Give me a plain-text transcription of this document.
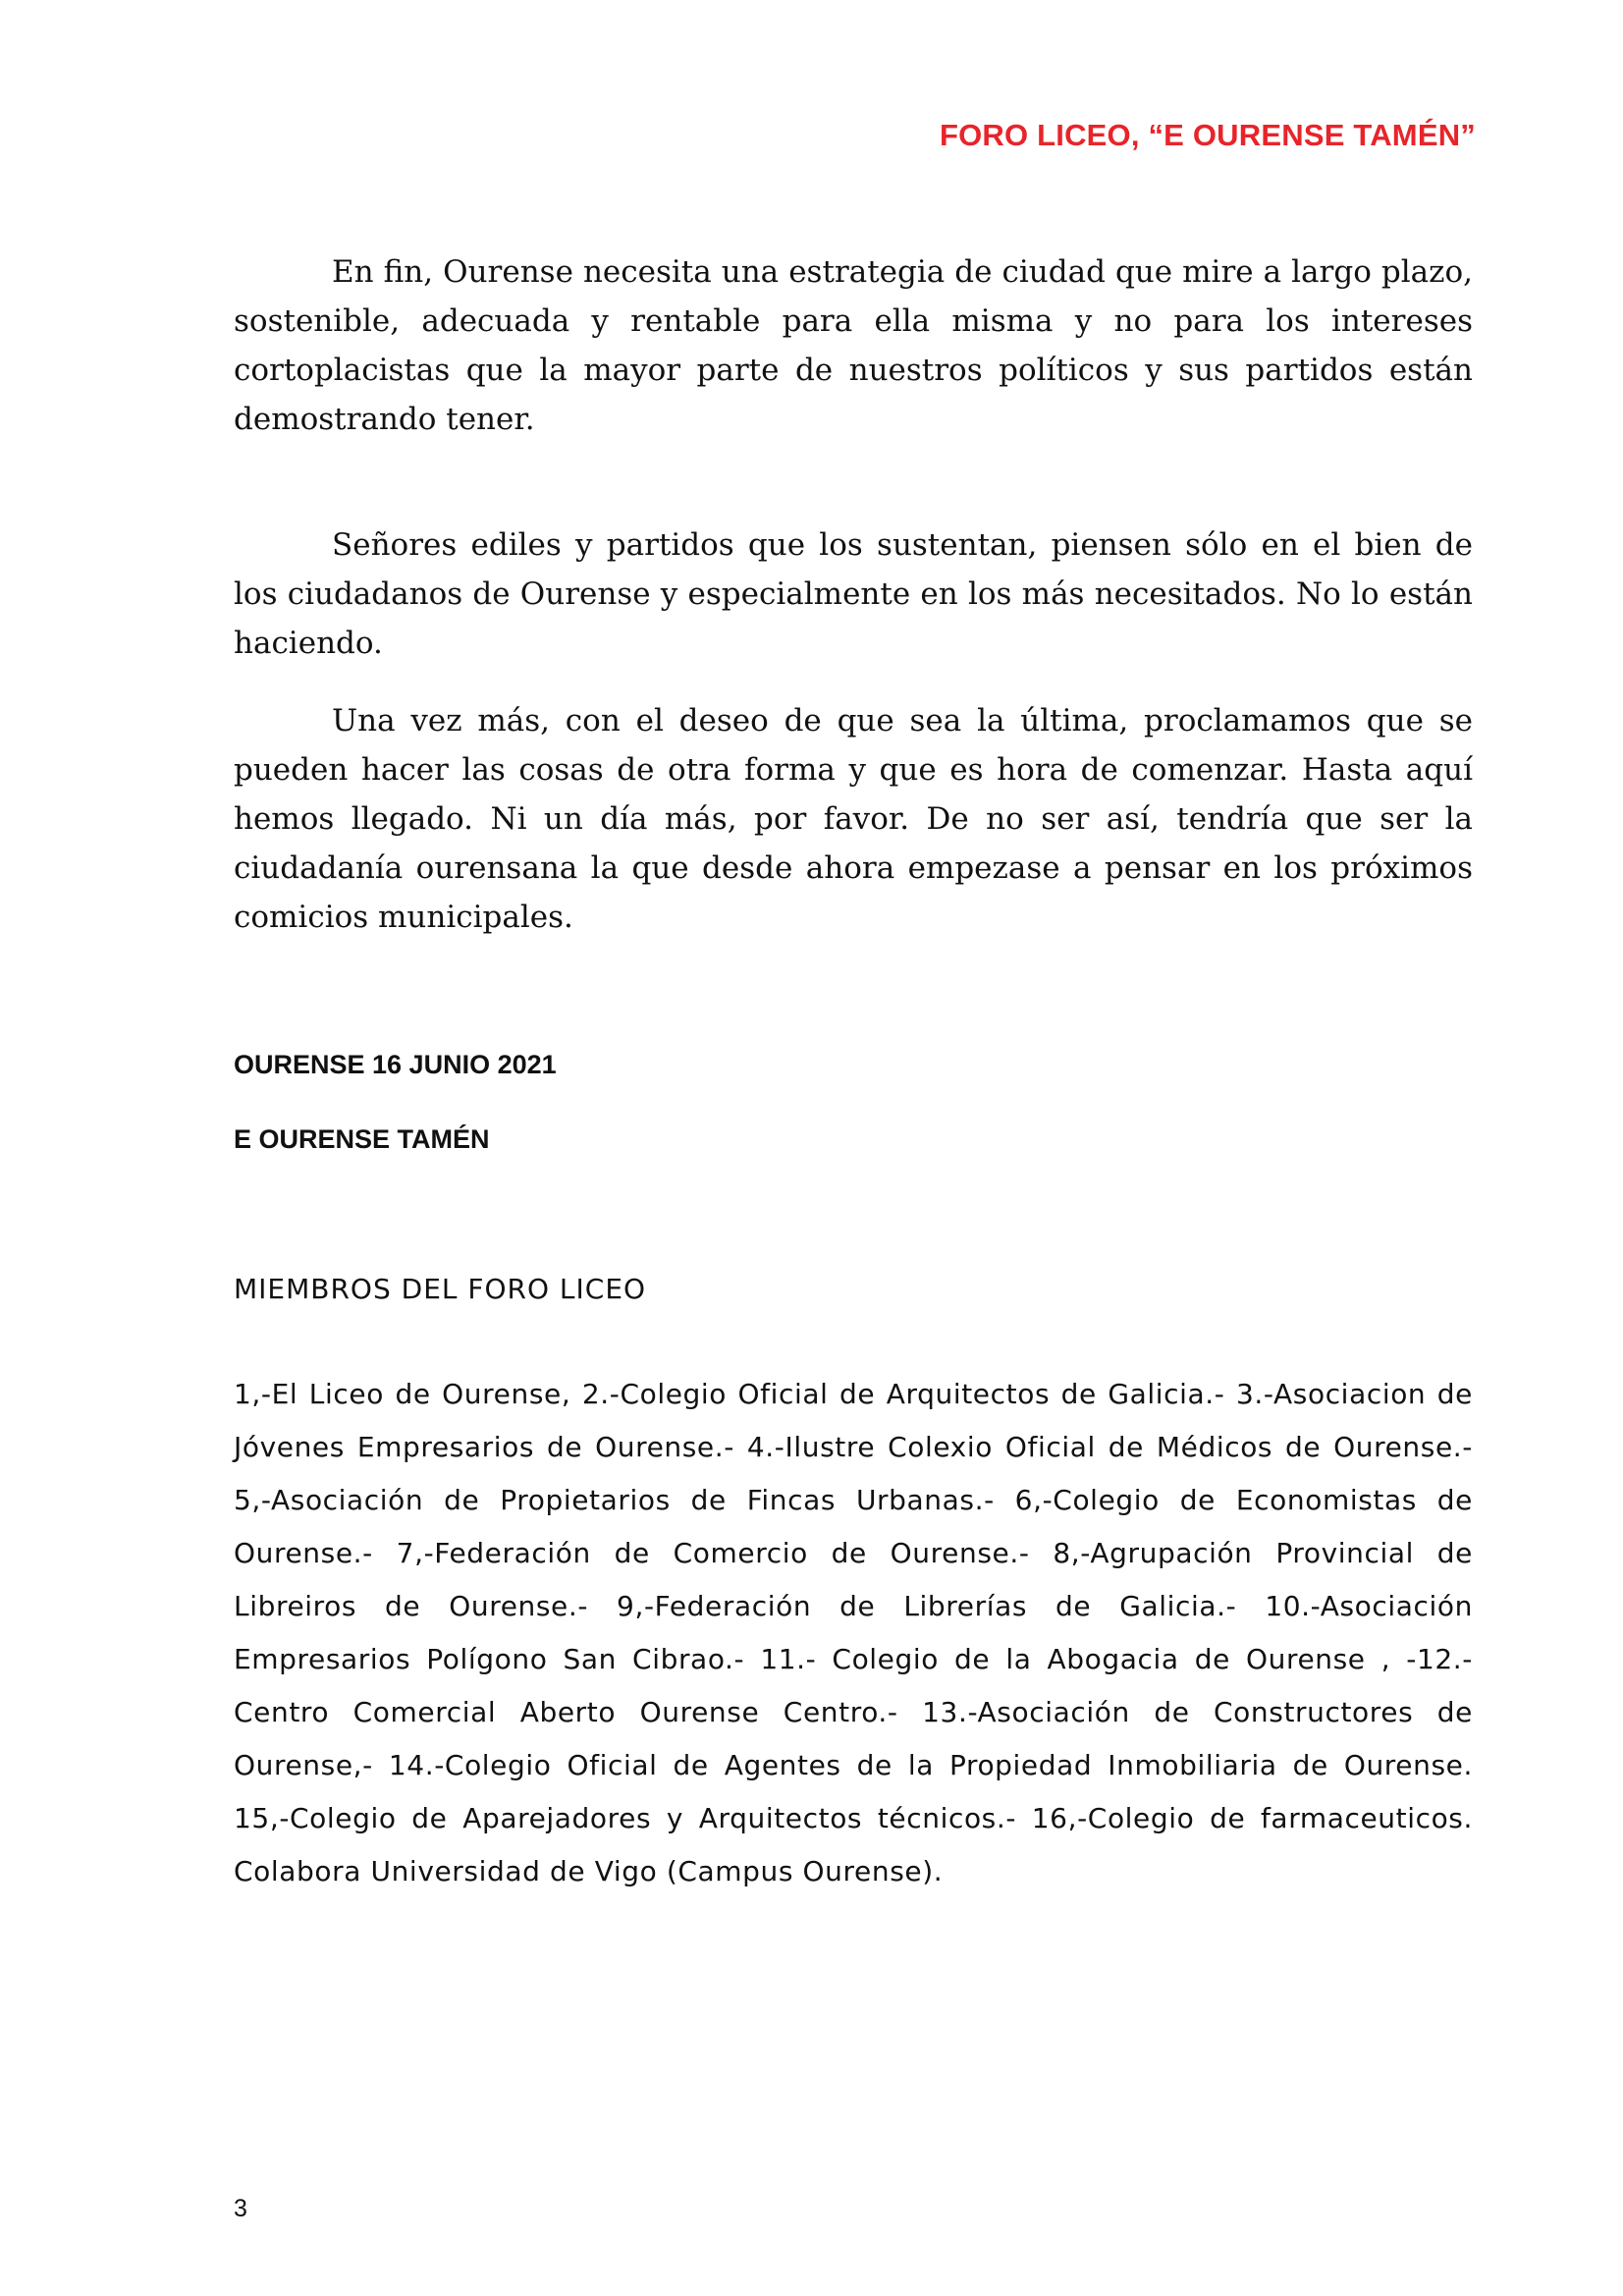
FORO LICEO, “E OURENSE TAMÉN”

En fin, Ourense necesita una estrategia de ciudad que mire a largo plazo, sostenible, adecuada y rentable para ella misma y no para los intereses cortoplacistas que la mayor parte de nuestros políticos y sus partidos están demostrando tener.

Señores ediles y partidos que los sustentan, piensen sólo en el bien de los ciudadanos de Ourense y especialmente en los más necesitados. No lo están haciendo.

Una vez más, con el deseo de que sea la última, proclamamos que se pueden hacer las cosas de otra forma y que es hora de comenzar. Hasta aquí hemos llegado. Ni un día más, por favor. De no ser así, tendría que ser la ciudadanía ourensana la que desde ahora empezase a pensar en los próximos comicios municipales.

OURENSE 16 JUNIO 2021
E OURENSE TAMÉN
MIEMBROS DEL FORO LICEO

1,-El Liceo de Ourense, 2.-Colegio Oficial de Arquitectos de Galicia.- 3.-Asociacion de Jóvenes Empresarios de Ourense.- 4.-Ilustre Colexio Oficial de Médicos de Ourense.- 5,-Asociación de Propietarios de Fincas Urbanas.- 6,-Colegio de Economistas de Ourense.- 7,-Federación de Comercio de Ourense.- 8,-Agrupación Provincial de Libreiros de Ourense.- 9,-Federación de Librerías de Galicia.- 10.-Asociación Empresarios Polígono San Cibrao.- 11.- Colegio de la Abogacia de Ourense , -12.- Centro Comercial Aberto Ourense Centro.- 13.-Asociación de Constructores de Ourense,- 14.-Colegio Oficial de Agentes de la Propiedad Inmobiliaria de Ourense. 15,-Colegio de Aparejadores y Arquitectos técnicos.- 16,-Colegio de farmaceuticos. Colabora Universidad de Vigo (Campus Ourense).

3
